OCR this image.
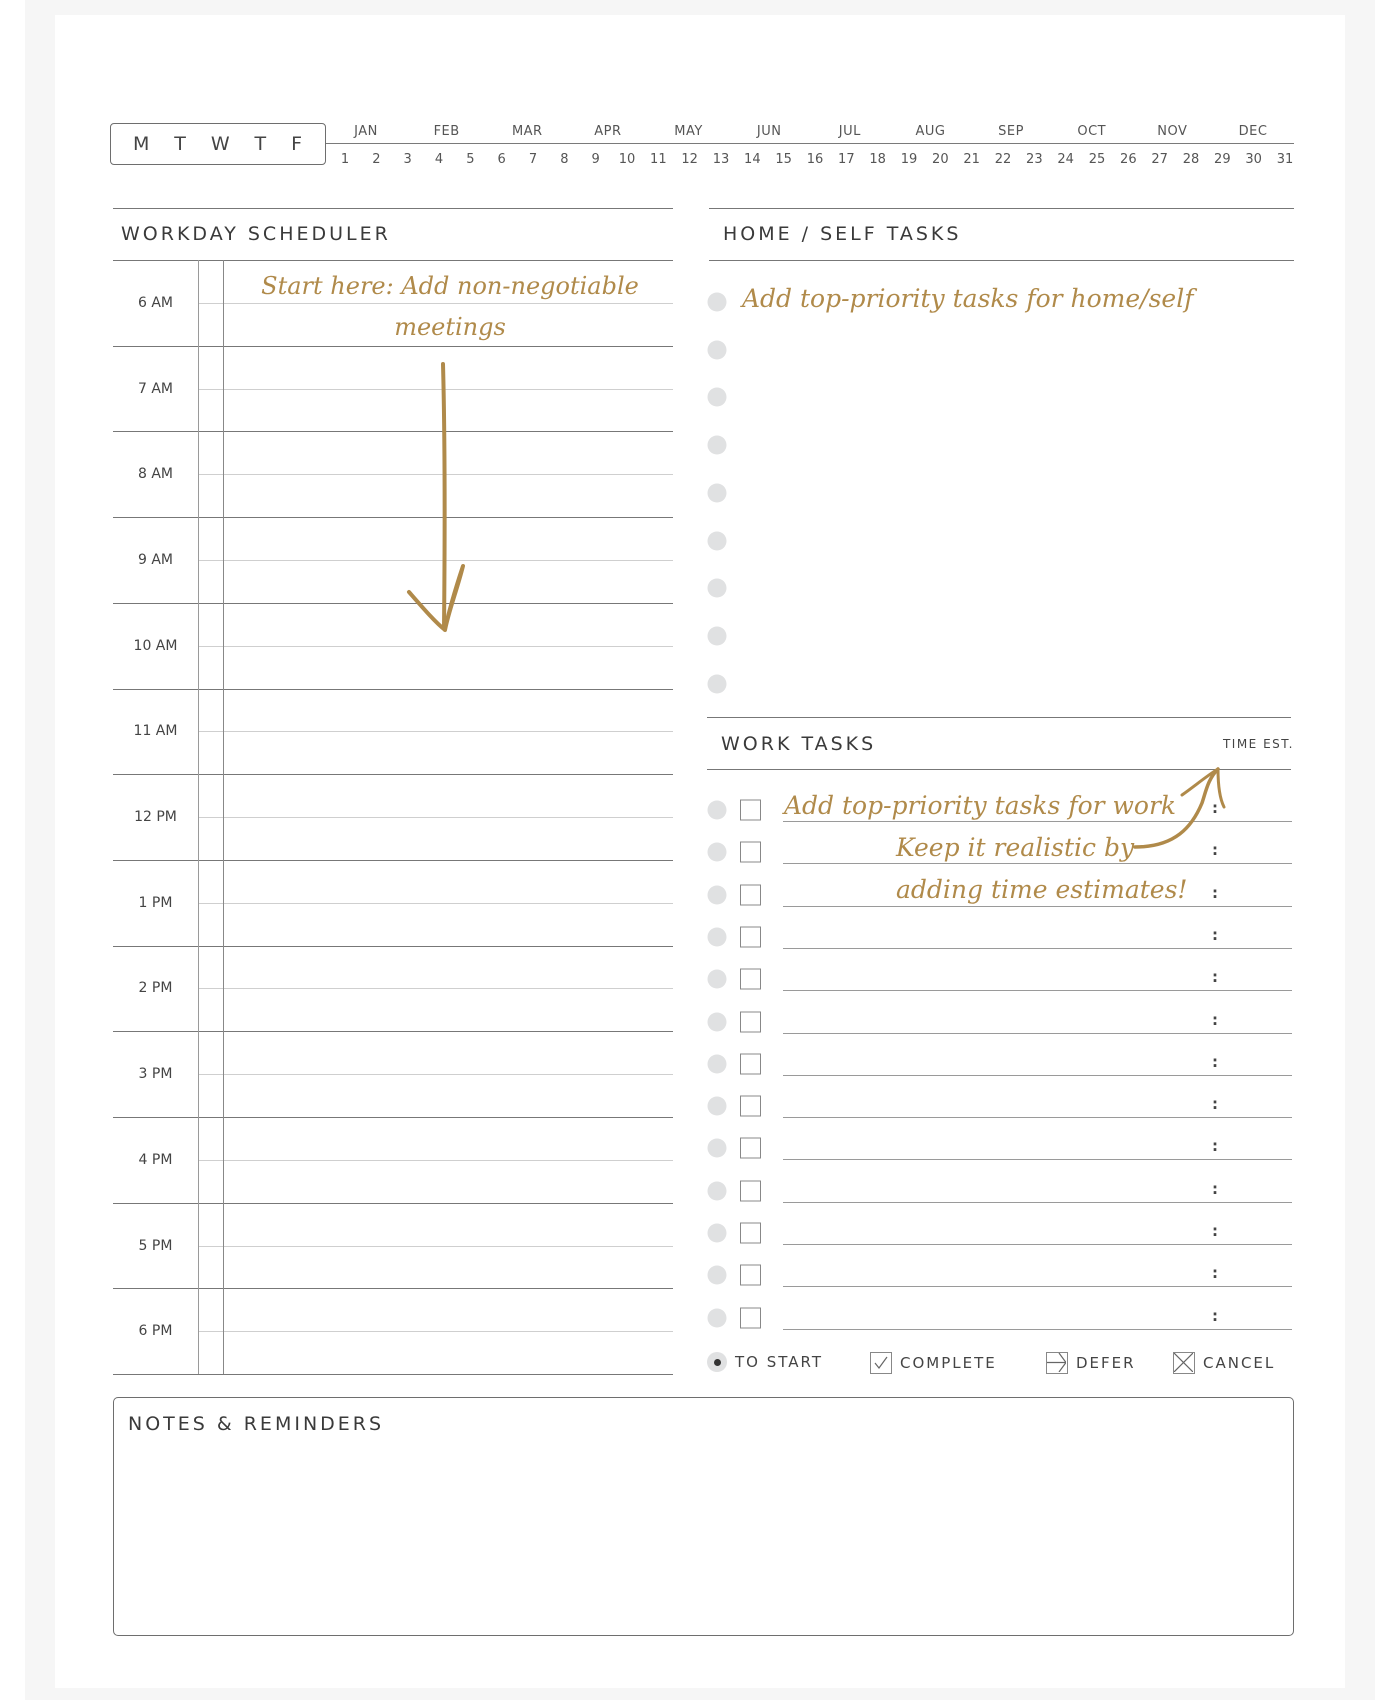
M T W T F
JAN	FEB	MAR	APR	MAY	JUN	JUL	AUG	SEP	OCT	NOV	DEC
1 2 3 4 5 6 7 8 9 10 11 12 13 14 15 16 17 18 19 20 21 22 23 24 25 26 27 28 29 30 31
WORKDAY SCHEDULER
6 AM
7 AM
8 AM
9 AM
10 AM
11 AM
12 PM
1 PM
2 PM
3 PM
4 PM
5 PM
6 PM
Start here: Add non-negotiable
meetings
HOME / SELF TASKS
Add top-priority tasks for home/self
WORK TASKS	TIME EST.
:
:
:
:
:
:
:
:
:
:
:
:
:
Add top-priority tasks for work
Keep it realistic by
adding time estimates!
TO START	COMPLETE	DEFER	CANCEL
NOTES & REMINDERS
